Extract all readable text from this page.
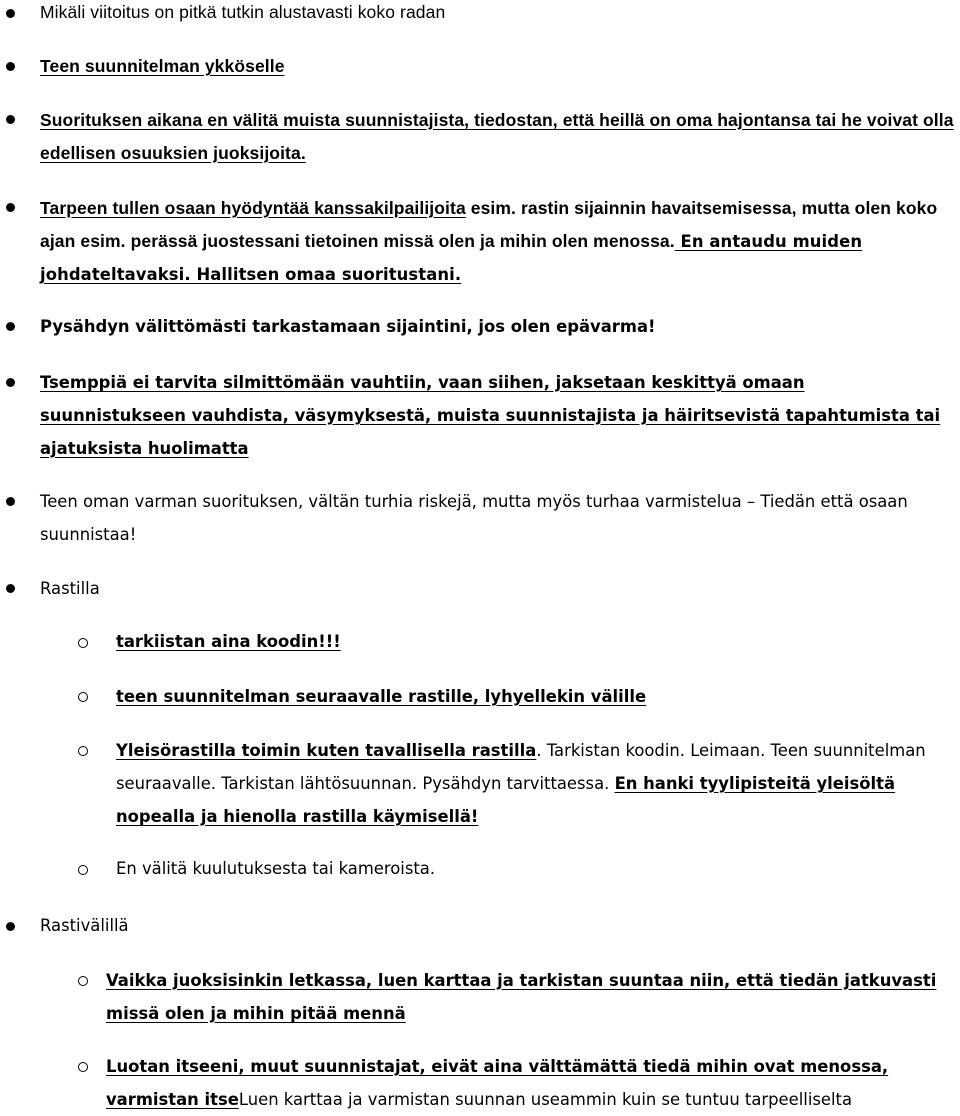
Mikäli viitoitus on pitkä tutkin alustavasti koko radan

Teen suunnitelman ykköselle

Suorituksen aikana en välitä muista suunnistajista, tiedostan, että heillä on oma hajontansa tai he voivat olla edellisen osuuksien juoksijoita.

Tarpeen tullen osaan hyödyntää kanssakilpailijoita esim. rastin sijainnin havaitsemisessa, mutta olen koko ajan esim. perässä juostessani tietoinen missä olen ja mihin olen menossa. En antaudu muiden johdateltavaksi. Hallitsen omaa suoritustani.

Pysähdyn välittömästi tarkastamaan sijaintini, jos olen epävarma!

Tsemppiä ei tarvita silmittömään vauhtiin, vaan siihen, jaksetaan keskittyä omaan suunnistukseen vauhdista, väsymyksestä, muista suunnistajista ja häiritsevistä tapahtumista tai ajatuksista huolimatta

Teen oman varman suorituksen, vältän turhia riskejä, mutta myös turhaa varmistelua – Tiedän että osaan suunnistaa!

Rastilla

tarkiistan aina koodin!!!

teen suunnitelman seuraavalle rastille, lyhyellekin välille

Yleisörastilla toimin kuten tavallisella rastilla. Tarkistan koodin. Leimaan. Teen suunnitelman seuraavalle. Tarkistan lähtösuunnan. Pysähdyn tarvittaessa. En hanki tyylipisteitä yleisöltä nopealla ja hienolla rastilla käymisellä!

En välitä kuulutuksesta tai kameroista.

Rastivälillä

Vaikka juoksisinkin letkassa, luen karttaa ja tarkistan suuntaa niin, että tiedän jatkuvasti missä olen ja mihin pitää mennä

Luotan itseeni, muut suunnistajat, eivät aina välttämättä tiedä mihin ovat menossa, varmistan itseLuen karttaa ja varmistan suunnan useammin kuin se tuntuu tarpeelliselta
